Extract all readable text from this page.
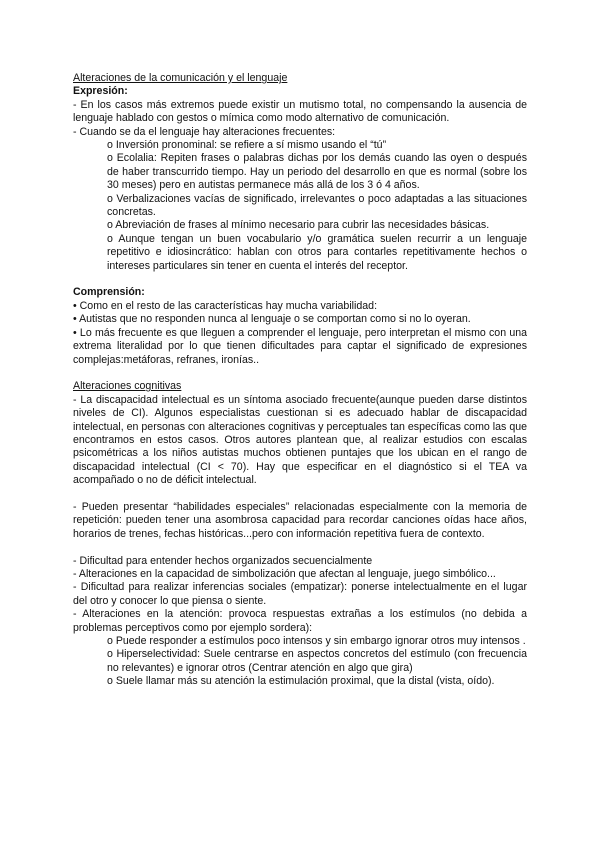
Alteraciones de la comunicación y el lenguaje

Expresión:

- En los casos más extremos puede existir un mutismo total, no compensando la ausencia de lenguaje hablado con gestos o mímica como modo alternativo de comunicación.

- Cuando se da el lenguaje hay alteraciones frecuentes:

o Inversión pronominal: se refiere a sí mismo usando el “tú”

o Ecolalia: Repiten frases o palabras dichas por los demás cuando las oyen o después de haber transcurrido tiempo. Hay un periodo del desarrollo en que es normal (sobre los 30 meses) pero en autistas permanece más allá de los 3 ó 4 años.

o Verbalizaciones vacías de significado, irrelevantes o poco adaptadas a las situaciones concretas.

o Abreviación de frases al mínimo necesario para cubrir las necesidades básicas.

o Aunque tengan un buen vocabulario y/o gramática suelen recurrir a un lenguaje repetitivo e idiosincrático: hablan con otros para contarles repetitivamente hechos o intereses particulares sin tener en cuenta el interés del receptor.

Comprensión:

• Como en el resto de las características hay mucha variabilidad:

• Autistas que no responden nunca al lenguaje o se comportan como si no lo oyeran.

• Lo más frecuente es que lleguen a comprender el lenguaje, pero interpretan el mismo con una extrema literalidad por lo que tienen dificultades para captar el significado de expresiones complejas:metáforas, refranes, ironías..

Alteraciones cognitivas

- La discapacidad intelectual es un síntoma asociado frecuente(aunque pueden darse distintos niveles de CI). Algunos especialistas cuestionan si es adecuado hablar de discapacidad intelectual, en personas con alteraciones cognitivas y perceptuales tan específicas como las que encontramos en estos casos. Otros autores plantean que, al realizar estudios con escalas psicométricas a los niños autistas muchos obtienen puntajes que los ubican en el rango de discapacidad intelectual (CI < 70). Hay que especificar en el diagnóstico si el TEA va acompañado o no de déficit intelectual.

- Pueden presentar “habilidades especiales” relacionadas especialmente con la memoria de repetición: pueden tener una asombrosa capacidad para recordar canciones oídas hace años, horarios de trenes, fechas históricas...pero con información repetitiva fuera de contexto.

- Dificultad para entender hechos organizados secuencialmente

- Alteraciones en la capacidad de simbolización que afectan al lenguaje, juego simbólico...

- Dificultad para realizar inferencias sociales (empatizar): ponerse intelectualmente en el lugar del otro y conocer lo que piensa o siente.

- Alteraciones en la atención: provoca respuestas extrañas a los estímulos (no debida a problemas perceptivos como por ejemplo sordera):

o Puede responder a estímulos poco intensos y sin embargo ignorar otros muy intensos .

o Hiperselectividad: Suele centrarse en aspectos concretos del estímulo (con frecuencia no relevantes) e ignorar otros (Centrar atención en algo que gira)

o Suele llamar más su atención la estimulación proximal, que la distal (vista, oído).
